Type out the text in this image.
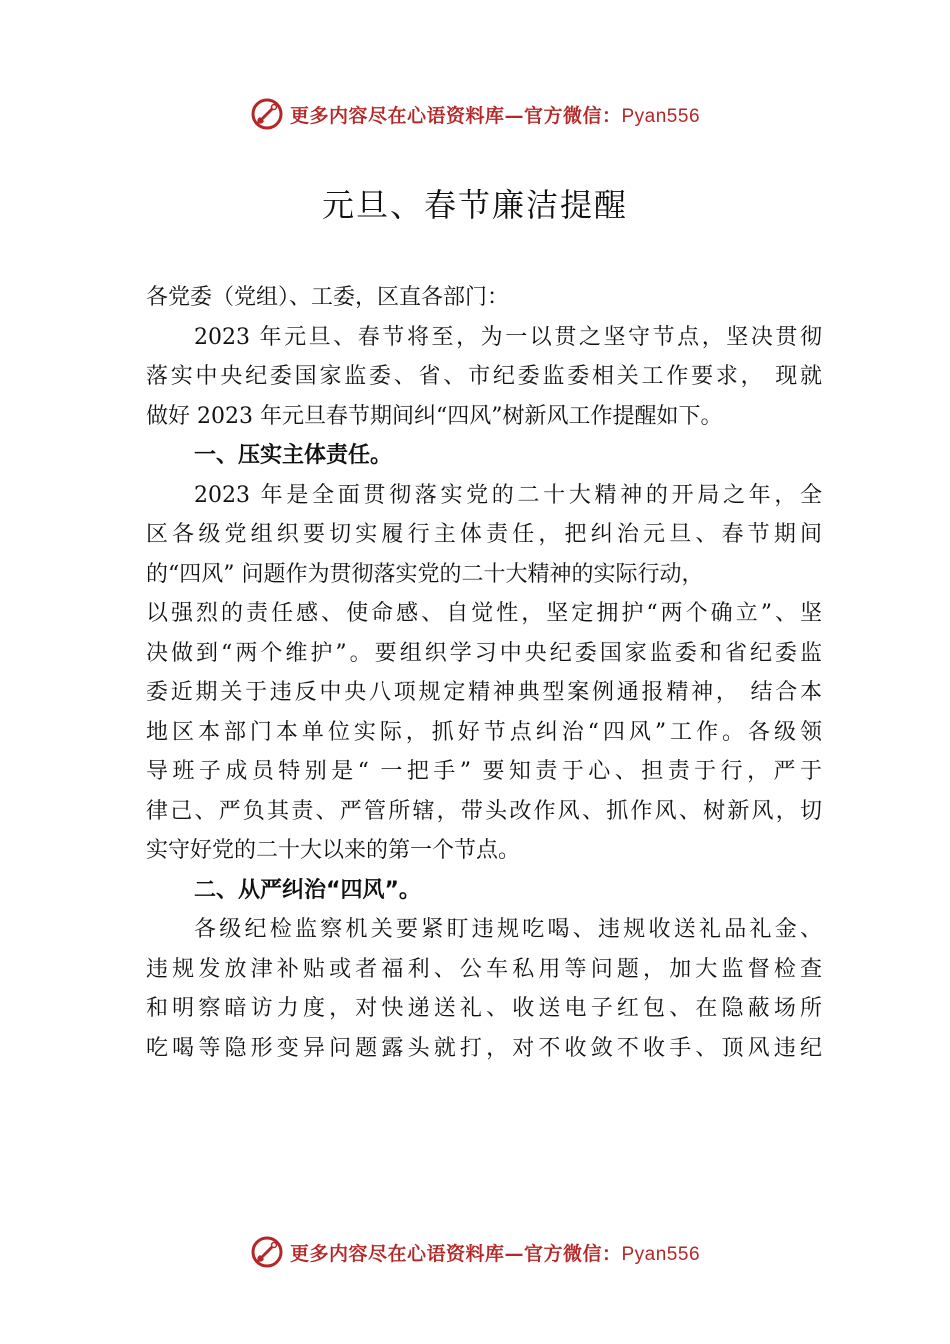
更多内容尽在心语资料库—官方微信：Pyan556
元旦、春节廉洁提醒
各党委（党组）、工委，区直各部门：
2023 年元旦、春节将至，为一以贯之坚守节点，坚决贯彻
落实中央纪委国家监委、省、市纪委监委相关工作要求， 现就
做好 2023 年元旦春节期间纠“四风”树新风工作提醒如下。
一、压实主体责任。
2023 年是全面贯彻落实党的二十大精神的开局之年，全
区各级党组织要切实履行主体责任，把纠治元旦、春节期间
的“四风” 问题作为贯彻落实党的二十大精神的实际行动，
以强烈的责任感、使命感、自觉性，坚定拥护“两个确立”、坚
决做到“两个维护”。要组织学习中央纪委国家监委和省纪委监
委近期关于违反中央八项规定精神典型案例通报精神， 结合本
地区本部门本单位实际，抓好节点纠治“四风”工作。各级领
导班子成员特别是“ 一把手” 要知责于心、担责于行，严于
律己、严负其责、严管所辖，带头改作风、抓作风、树新风，切
实守好党的二十大以来的第一个节点。
二、从严纠治“四风”。
各级纪检监察机关要紧盯违规吃喝、违规收送礼品礼金、
违规发放津补贴或者福利、公车私用等问题，加大监督检查
和明察暗访力度，对快递送礼、收送电子红包、在隐蔽场所
吃喝等隐形变异问题露头就打，对不收敛不收手、顶风违纪
更多内容尽在心语资料库—官方微信：Pyan556
